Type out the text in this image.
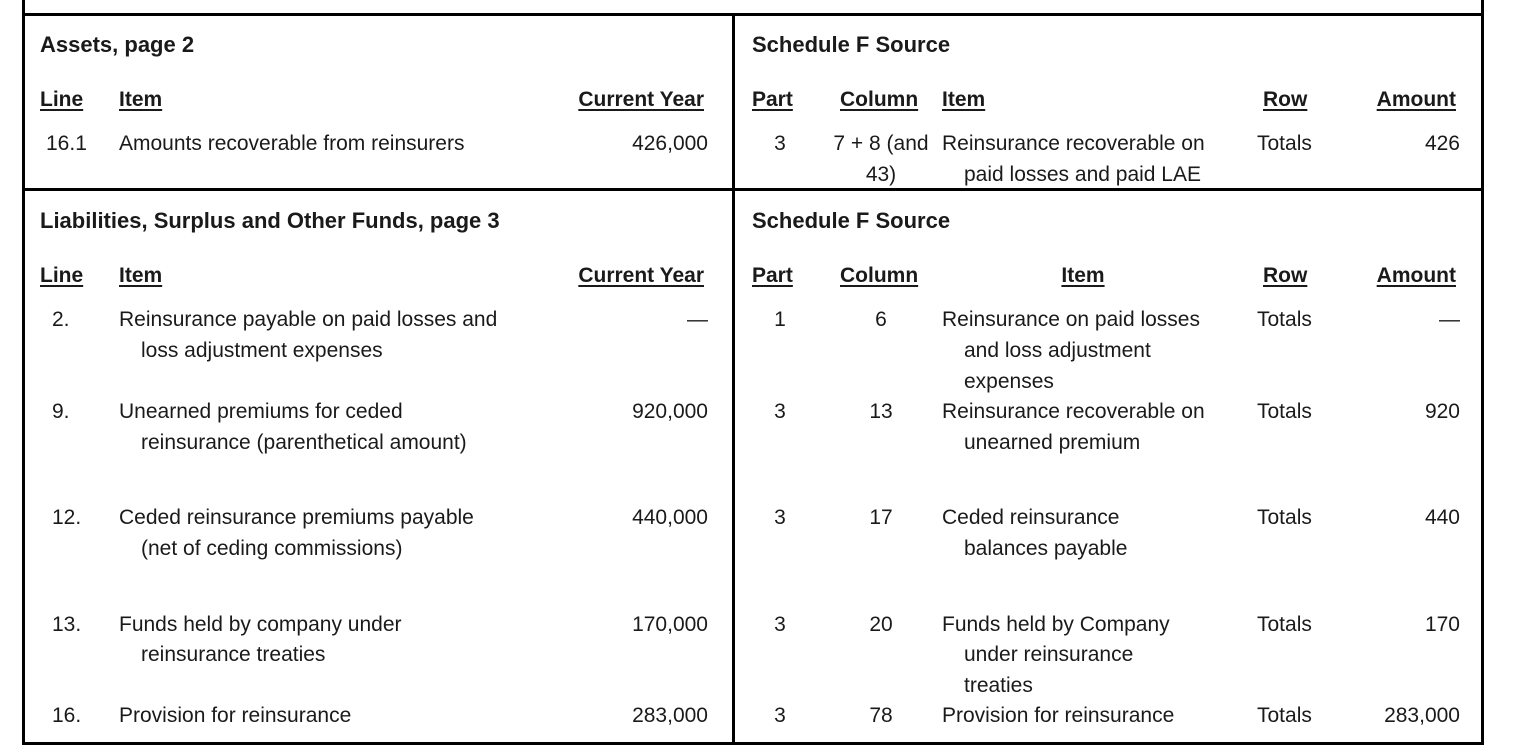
Assets, page 2
Line Item	Current Year
16.1 Amounts recoverable from reinsurers	426,000
Schedule F Source
Part Column Item	Row	Amount
3	7 + 8 (and
43)
Reinsurance recoverable on
paid losses and paid LAE
Totals	426
Liabilities, Surplus and Other Funds, page 3
Line Item	Current Year
2. Reinsurance payable on paid losses and
loss adjustment expenses
—
9. Unearned premiums for ceded
reinsurance (parenthetical amount)
920,000
12. Ceded reinsurance premiums payable
(net of ceding commissions)
440,000
13. Funds held by company under
reinsurance treaties
170,000
16. Provision for reinsurance	283,000
Schedule F Source
Part Column	Item	Row	Amount
1	6	Reinsurance on paid losses
and loss adjustment
expenses
Totals	—
3	13	Reinsurance recoverable on
unearned premium
Totals	920
3	17	Ceded reinsurance
balances payable
Totals	440
3	20	Funds held by Company
under reinsurance
treaties
Totals	170
3	78	Provision for reinsurance	Totals	283,000
